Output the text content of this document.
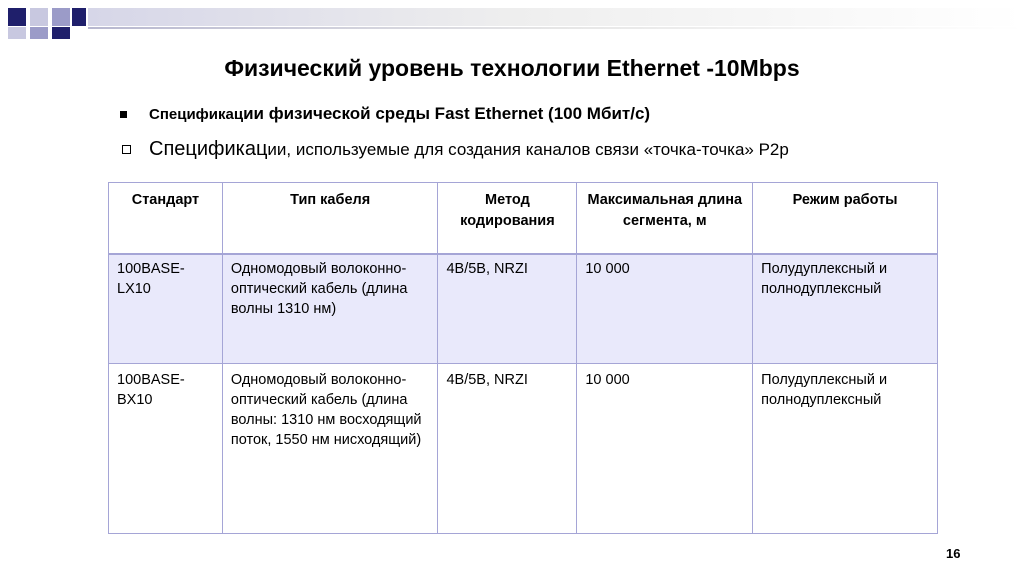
Физический уровень технологии Ethernet -10Mbps
Спецификации физической среды Fast Ethernet (100 Мбит/с)
Спецификации, используемые для создания каналов связи «точка-точка» P2p
Стандарт	Тип кабеля	Метод кодирования	Максимальная длина сегмента, м	Режим работы
100BASE-LX10	Одномодовый волоконно-оптический кабель (длина волны 1310 нм)	4B/5B, NRZI	10 000	Полудуплексный и полнодуплексный
100BASE-BX10	Одномодовый волоконно-оптический кабель (длина волны: 1310 нм восходящий поток, 1550 нм нисходящий)	4B/5B, NRZI	10 000	Полудуплексный и полнодуплексный
16
